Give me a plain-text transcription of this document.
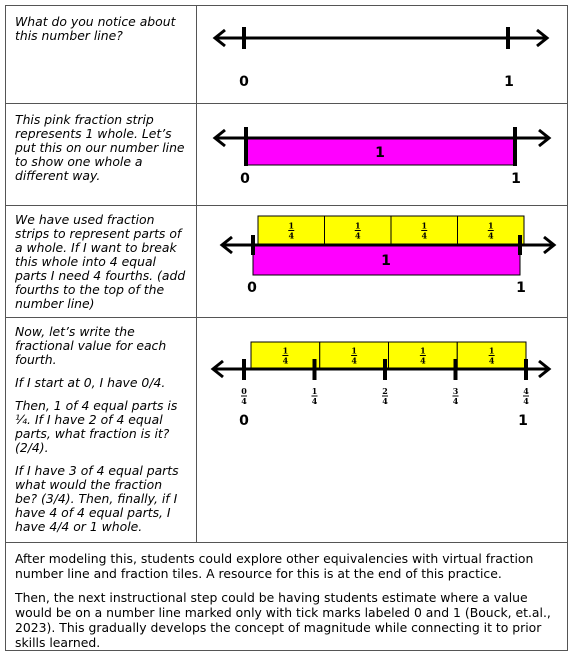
What do you notice about this number line?

0	1

This pink fraction strip represents 1 whole. Let’s put this on our number line to show one whole a different way.

1
0	1

We have used fraction strips to represent parts of a whole. If I want to break this whole into 4 equal parts I need 4 fourths. (add fourths to the top of the number line)

1
4
1
4
1
4
1
4
1
0	1

Now, let’s write the fractional value for each fourth.

If I start at 0, I have 0/4.

Then, 1 of 4 equal parts is ¼. If I have 2 of 4 equal parts, what fraction is it? (2/4).

If I have 3 of 4 equal parts what would the fraction be? (3/4). Then, finally, if I have 4 of 4 equal parts, I have 4/4 or 1 whole.

1
4
1
4
1
4
1
4
0
4
1
4
2
4
3
4
4
4
0	1

After modeling this, students could explore other equivalencies with virtual fraction number line and fraction tiles. A resource for this is at the end of this practice.

Then, the next instructional step could be having students estimate where a value would be on a number line marked only with tick marks labeled 0 and 1 (Bouck, et.al., 2023). This gradually develops the concept of magnitude while connecting it to prior skills learned.
